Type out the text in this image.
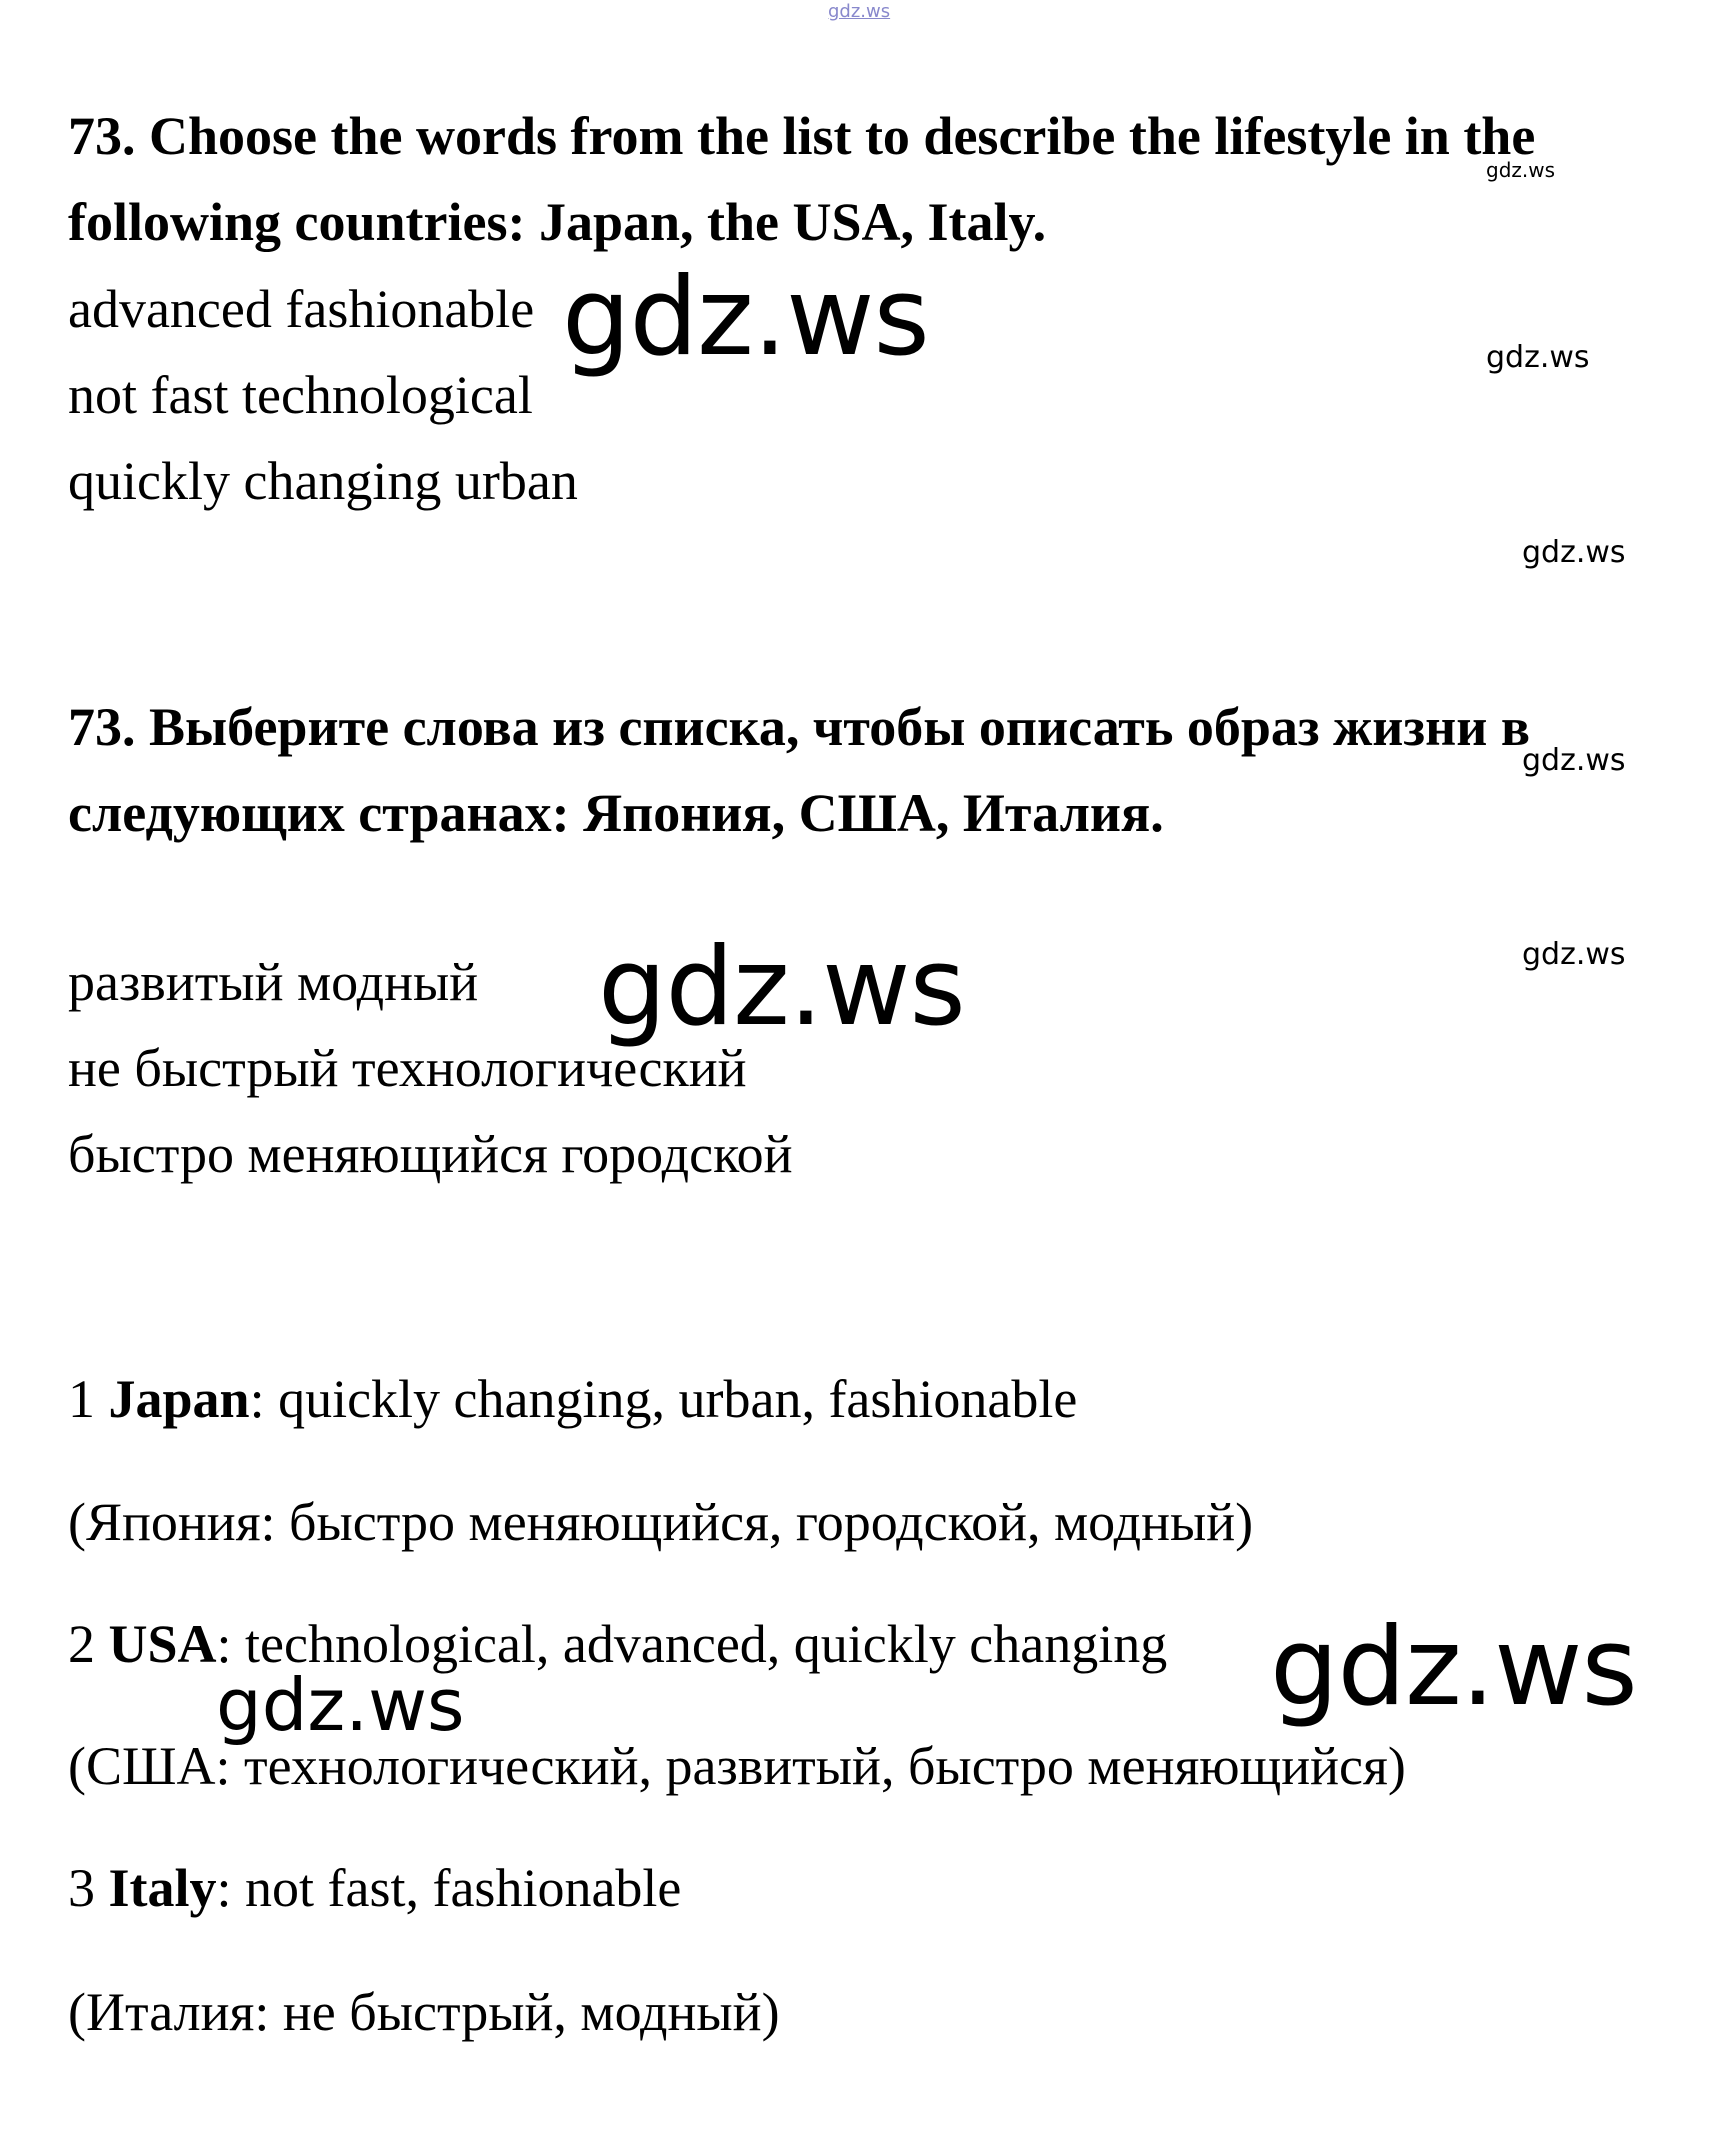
gdz.ws
73. Choose the words from the list to describe the lifestyle in the
following countries: Japan, the USA, Italy.
advanced fashionable
not fast technological
quickly changing urban
73. Выберите слова из списка, чтобы описать образ жизни в
следующих странах: Япония, США, Италия.
развитый модный
не быстрый технологический
быстро меняющийся городской
1 Japan: quickly changing, urban, fashionable
(Япония: быстро меняющийся, городской, модный)
2 USA: technological, advanced, quickly changing
(США: технологический, развитый, быстро меняющийся)
3 Italy: not fast, fashionable
(Италия: не быстрый, модный)
gdz.ws
gdz.ws
gdz.ws
gdz.ws
gdz.ws
gdz.ws
gdz.ws
gdz.ws
gdz.ws
